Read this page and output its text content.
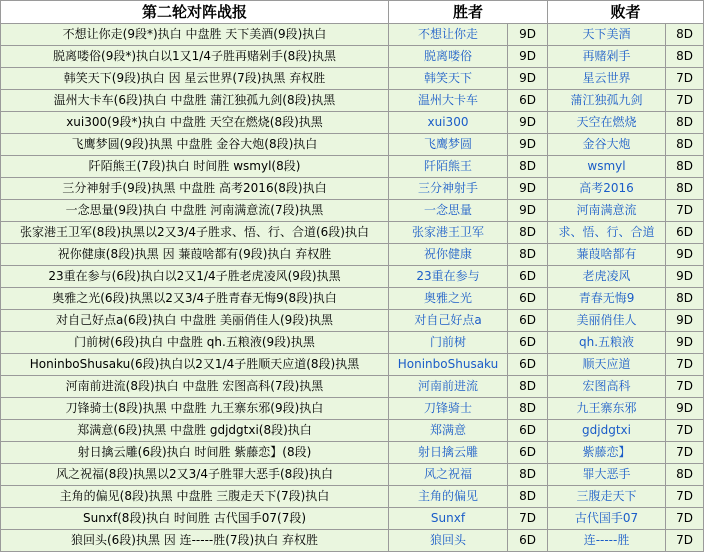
第二轮对阵战报	胜者		败者	
不想让你走(9段*)执白 中盘胜 天下美酒(9段)执白	不想让你走	9D	天下美酒	8D
脱离喽俗(9段*)执白以1又1/4子胜再赌剁手(8段)执黑	脱离喽俗	9D	再赌剁手	8D
韩笑天下(9段)执白 因 星云世界(7段)执黑 弃权胜	韩笑天下	9D	星云世界	7D
温州大卡车(6段)执白 中盘胜 蒲江独孤九剑(8段)执黑	温州大卡车	6D	蒲江独孤九剑	7D
xui300(9段*)执白 中盘胜 天空在燃烧(8段)执黑	xui300	9D	天空在燃烧	8D
飞鹰梦圆(9段)执黑 中盘胜 金谷大炮(8段)执白	飞鹰梦圆	9D	金谷大炮	8D
阡陌熊王(7段)执白 时间胜 wsmyl(8段)	阡陌熊王	8D	wsmyl	8D
三分神射手(9段)执黑 中盘胜 高考2016(8段)执白	三分神射手	9D	高考2016	8D
一念思量(9段)执白 中盘胜 河南满意流(7段)执黑	一念思量	9D	河南满意流	7D
张家港王卫军(8段)执黑以2又3/4子胜求、悟、行、合道(6段)执白	张家港王卫军	8D	求、悟、行、合道	6D
祝你健康(8段)执黑 因 蒹葭啥都有(9段)执白 弃权胜	祝你健康	8D	蒹葭啥都有	9D
23重在参与(6段)执白以2又1/4子胜老虎凌风(9段)执黑	23重在参与	6D	老虎凌风	9D
奥雅之光(6段)执黑以2又3/4子胜青春无悔9(8段)执白	奥雅之光	6D	青春无悔9	8D
对自己好点a(6段)执白 中盘胜 美丽俏佳人(9段)执黑	对自己好点a	6D	美丽俏佳人	9D
门前树(6段)执白 中盘胜 qh.五粮液(9段)执黑	门前树	6D	qh.五粮液	9D
HoninboShusaku(6段)执白以2又1/4子胜顺天应道(8段)执黑	HoninboShusaku	6D	顺天应道	7D
河南前进流(8段)执白 中盘胜 宏图高科(7段)执黑	河南前进流	8D	宏图高科	7D
刀锋骑士(8段)执黑 中盘胜 九王寨东邪(9段)执白	刀锋骑士	8D	九王寨东邪	9D
郑满意(6段)执黑 中盘胜 gdjdgtxi(8段)执白	郑满意	6D	gdjdgtxi	7D
射日擒云雕(6段)执白 时间胜 紫藤恋】(8段)	射日擒云雕	6D	紫藤恋】	7D
风之祝福(8段)执黑以2又3/4子胜罪大恶手(8段)执白	风之祝福	8D	罪大恶手	8D
主角的偏见(8段)执黑 中盘胜 三腹走天下(7段)执白	主角的偏见	8D	三腹走天下	7D
Sunxf(8段)执白 时间胜 古代国手07(7段)	Sunxf	7D	古代国手07	7D
狼回头(6段)执黑 因 连-----胜(7段)执白 弃权胜	狼回头	6D	连-----胜	7D
